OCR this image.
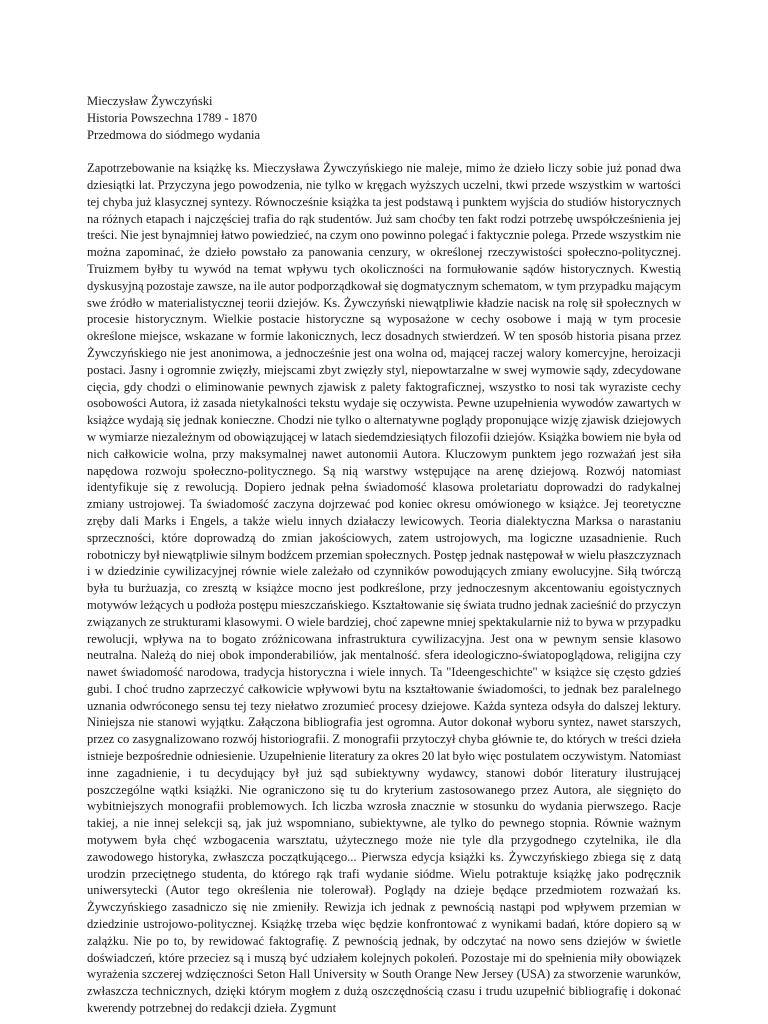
Mieczysław Żywczyński
Historia Powszechna 1789 - 1870
Przedmowa do siódmego wydania

Zapotrzebowanie na książkę ks. Mieczysława Żywczyńskiego nie maleje, mimo że dzieło liczy sobie już ponad dwa dziesiątki lat. Przyczyna jego powodzenia, nie tylko w kręgach wyższych uczelni, tkwi przede wszystkim w wartości tej chyba już klasycznej syntezy. Równocześnie książka ta jest podstawą i punktem wyjścia do studiów historycznych na różnych etapach i najczęściej trafia do rąk studentów. Już sam choćby ten fakt rodzi potrzebę uwspółcześnienia jej treści. Nie jest bynajmniej łatwo powiedzieć, na czym ono powinno polegać i faktycznie polega. Przede wszystkim nie można zapominać, że dzieło powstało za panowania cenzury, w określonej rzeczywistości społeczno-politycznej. Truizmem byłby tu wywód na temat wpływu tych okoliczności na formułowanie sądów historycznych. Kwestią dyskusyjną pozostaje zawsze, na ile autor podporządkował się dogmatycznym schematom, w tym przypadku mającym swe źródło w materialistycznej teorii dziejów. Ks. Żywczyński niewątpliwie kładzie nacisk na rolę sił społecznych w procesie historycznym. Wielkie postacie historyczne są wyposażone w cechy osobowe i mają w tym procesie określone miejsce, wskazane w formie lakonicznych, lecz dosadnych stwierdzeń. W ten sposób historia pisana przez Żywczyńskiego nie jest anonimowa, a jednocześnie jest ona wolna od, mającej raczej walory komercyjne, heroizacji postaci. Jasny i ogromnie zwięzły, miejscami zbyt zwięzły styl, niepowtarzalne w swej wymowie sądy, zdecydowane cięcia, gdy chodzi o eliminowanie pewnych zjawisk z palety faktograficznej, wszystko to nosi tak wyraziste cechy osobowości Autora, iż zasada nietykalności tekstu wydaje się oczywista. Pewne uzupełnienia wywodów zawartych w książce wydają się jednak konieczne. Chodzi nie tylko o alternatywne poglądy proponujące wizję zjawisk dziejowych w wymiarze niezależnym od obowiązującej w latach siedemdziesiątych filozofii dziejów. Książka bowiem nie była od nich całkowicie wolna, przy maksymalnej nawet autonomii Autora. Kluczowym punktem jego rozważań jest siła napędowa rozwoju społeczno-politycznego. Są nią warstwy wstępujące na arenę dziejową. Rozwój natomiast identyfikuje się z rewolucją. Dopiero jednak pełna świadomość klasowa proletariatu doprowadzi do radykalnej zmiany ustrojowej. Ta świadomość zaczyna dojrzewać pod koniec okresu omówionego w książce. Jej teoretyczne zręby dali Marks i Engels, a także wielu innych działaczy lewicowych. Teoria dialektyczna Marksa o narastaniu sprzeczności, które doprowadzą do zmian jakościowych, zatem ustrojowych, ma logiczne uzasadnienie. Ruch robotniczy był niewątpliwie silnym bodźcem przemian społecznych. Postęp jednak następował w wielu płaszczyznach i w dziedzinie cywilizacyjnej równie wiele zależało od czynników powodujących zmiany ewolucyjne. Siłą twórczą była tu burżuazja, co zresztą w książce mocno jest podkreślone, przy jednoczesnym akcentowaniu egoistycznych motywów leżących u podłoża postępu mieszczańskiego. Kształtowanie się świata trudno jednak zacieśnić do przyczyn związanych ze strukturami klasowymi. O wiele bardziej, choć zapewne mniej spektakularnie niż to bywa w przypadku rewolucji, wpływa na to bogato zróżnicowana infrastruktura cywilizacyjna. Jest ona w pewnym sensie klasowo neutralna. Należą do niej obok imponderabiliów, jak mentalność. sfera ideologiczno-światopoglądowa, religijna czy nawet świadomość narodowa, tradycja historyczna i wiele innych. Ta "Ideengeschichte" w książce się często gdzieś gubi. I choć trudno zaprzeczyć całkowicie wpływowi bytu na kształtowanie świadomości, to jednak bez paralelnego uznania odwróconego sensu tej tezy niełatwo zrozumieć procesy dziejowe. Każda synteza odsyła do dalszej lektury. Niniejsza nie stanowi wyjątku. Załączona bibliografia jest ogromna. Autor dokonał wyboru syntez, nawet starszych, przez co zasygnalizowano rozwój historiografii. Z monografii przytoczył chyba głównie te, do których w treści dzieła istnieje bezpośrednie odniesienie. Uzupełnienie literatury za okres 20 lat było więc postulatem oczywistym. Natomiast inne zagadnienie, i tu decydujący był już sąd subiektywny wydawcy, stanowi dobór literatury ilustrującej poszczególne wątki książki. Nie ograniczono się tu do kryterium zastosowanego przez Autora, ale sięgnięto do wybitniejszych monografii problemowych. Ich liczba wzrosła znacznie w stosunku do wydania pierwszego. Racje takiej, a nie innej selekcji są, jak już wspomniano, subiektywne, ale tylko do pewnego stopnia. Równie ważnym motywem była chęć wzbogacenia warsztatu, użytecznego może nie tyle dla przygodnego czytelnika, ile dla zawodowego historyka, zwłaszcza początkującego... Pierwsza edycja książki ks. Żywczyńskiego zbiega się z datą urodzin przeciętnego studenta, do którego rąk trafi wydanie siódme. Wielu potraktuje książkę jako podręcznik uniwersytecki (Autor tego określenia nie tolerował). Poglądy na dzieje będące przedmiotem rozważań ks. Żywczyńskiego zasadniczo się nie zmieniły. Rewizja ich jednak z pewnością nastąpi pod wpływem przemian w dziedzinie ustrojowo-politycznej. Książkę trzeba więc będzie konfrontować z wynikami badań, które dopiero są w zalążku. Nie po to, by rewidować faktografię. Z pewnością jednak, by odczytać na nowo sens dziejów w świetle doświadczeń, które przeciez są i muszą być udziałem kolejnych pokoleń. Pozostaje mi do spełnienia miły obowiązek wyrażenia szczerej wdzięczności Seton Hall University w South Orange New Jersey (USA) za stworzenie warunków, zwłaszcza technicznych, dzięki którym mogłem z dużą oszczędnością czasu i trudu uzupełnić bibliografię i dokonać kwerendy potrzebnej do redakcji dzieła. Zygmunt
